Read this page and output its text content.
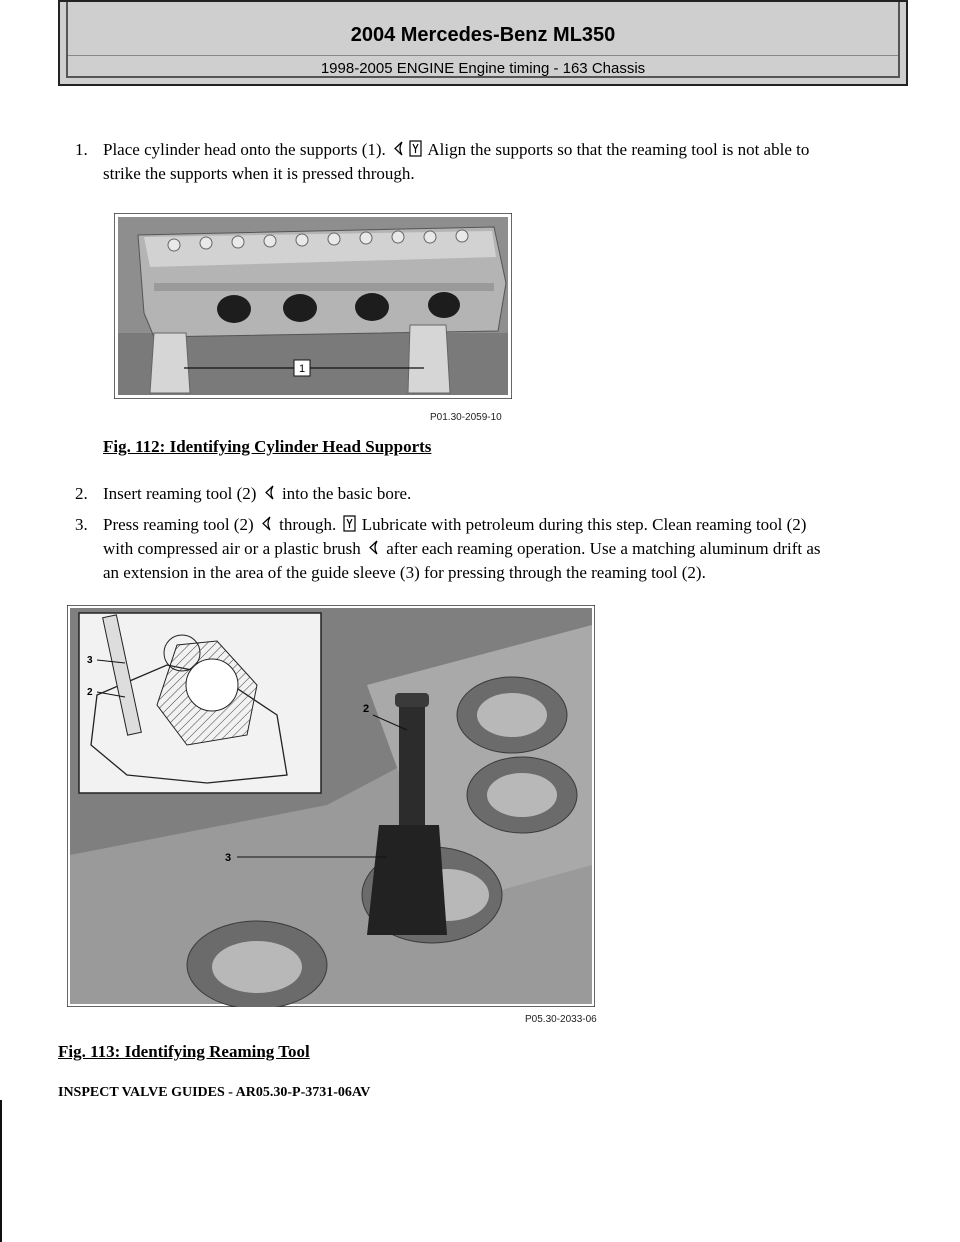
2004 Mercedes-Benz ML350
1998-2005 ENGINE Engine timing - 163 Chassis
1. Place cylinder head onto the supports (1). Align the supports so that the reaming tool is not able to
strike the supports when it is pressed through.
1
P01.30-2059-10
Fig. 112: Identifying Cylinder Head Supports
2. Insert reaming tool (2) into the basic bore.
3. Press reaming tool (2) through. Lubricate with petroleum during this step. Clean reaming tool (2)
with compressed air or a plastic brush after each reaming operation. Use a matching aluminum drift as
an extension in the area of the guide sleeve (3) for pressing through the reaming tool (2).
2
3
3
2
P05.30-2033-06
Fig. 113: Identifying Reaming Tool
INSPECT VALVE GUIDES - AR05.30-P-3731-06AV
